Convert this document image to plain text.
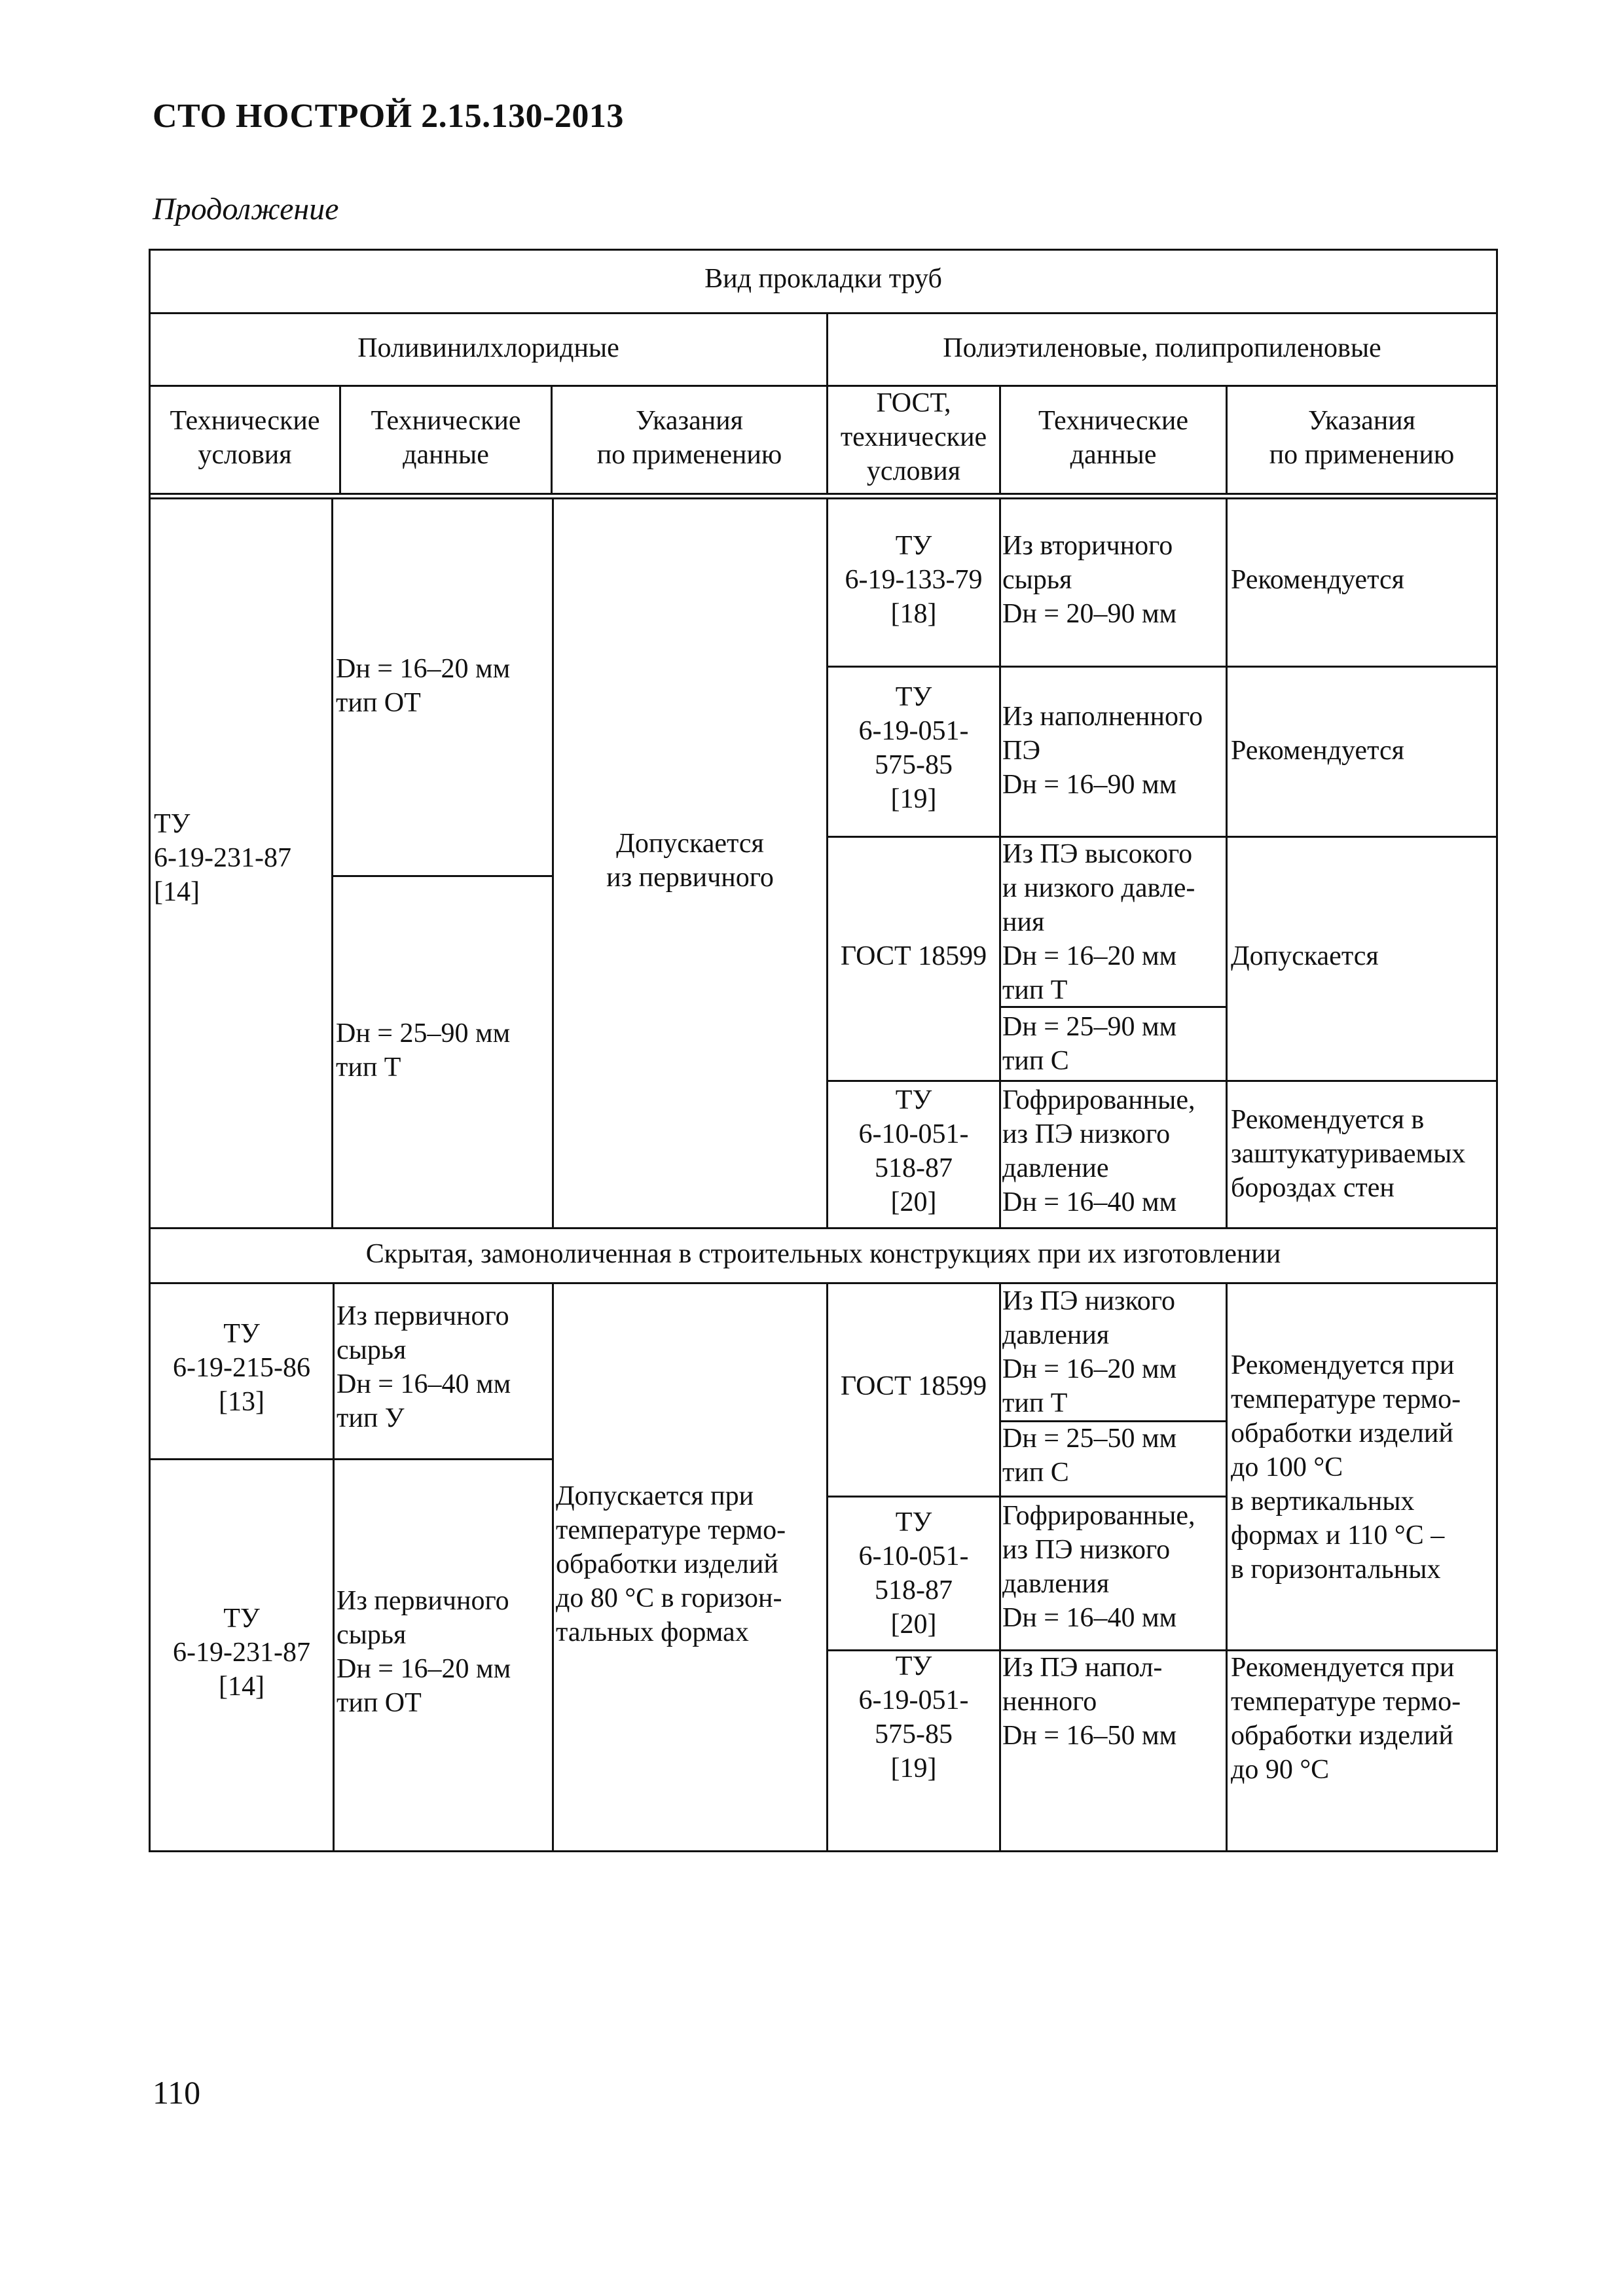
СТО НОСТРОЙ 2.15.130-2013
Продолжение
Вид прокладки труб
Поливинилхлоридные	Полиэтиленовые, полипропиленовые
Технические
условия
Технические
данные
Указания
по применению
ГОСТ,
технические
условия
Технические
данные
Указания
по применению
ТУ
6-19-231-87
[14]
Dн = 16–20 мм
тип ОТ
Dн = 25–90 мм
тип Т
Допускается
из первичного
ТУ
6-19-133-79
[18]
Из вторичного
сырья
Dн = 20–90 мм
Рекомендуется
ТУ
6-19-051-
575-85
[19]
Из наполненного
ПЭ
Dн = 16–90 мм
Рекомендуется
ГОСТ 18599
Из ПЭ высокого
и низкого давле-
ния
Dн = 16–20 мм
тип Т
Dн = 25–90 мм
тип С
Допускается
ТУ
6-10-051-
518-87
[20]
Гофрированные,
из ПЭ низкого
давление
Dн = 16–40 мм
Рекомендуется в
заштукатуриваемых
бороздах стен
Скрытая, замоноличенная в строительных конструкциях при их изготовлении
ТУ
6-19-215-86
[13]
Из первичного
сырья
Dн = 16–40 мм
тип У
ТУ
6-19-231-87
[14]
Из первичного
сырья
Dн = 16–20 мм
тип ОТ
Допускается при
температуре термо-
обработки изделий
до 80 °С в горизон-
тальных формах
ГОСТ 18599
Из ПЭ низкого
давления
Dн = 16–20 мм
тип Т
Dн = 25–50 мм
тип С
ТУ
6-10-051-
518-87
[20]
Гофрированные,
из ПЭ низкого
давления
Dн = 16–40 мм
Рекомендуется при
температуре термо-
обработки изделий
до 100 °С
в вертикальных
формах и 110 °С –
в горизонтальных
ТУ
6-19-051-
575-85
[19]
Из ПЭ напол-
ненного
Dн = 16–50 мм
Рекомендуется при
температуре термо-
обработки изделий
до 90 °С
110
